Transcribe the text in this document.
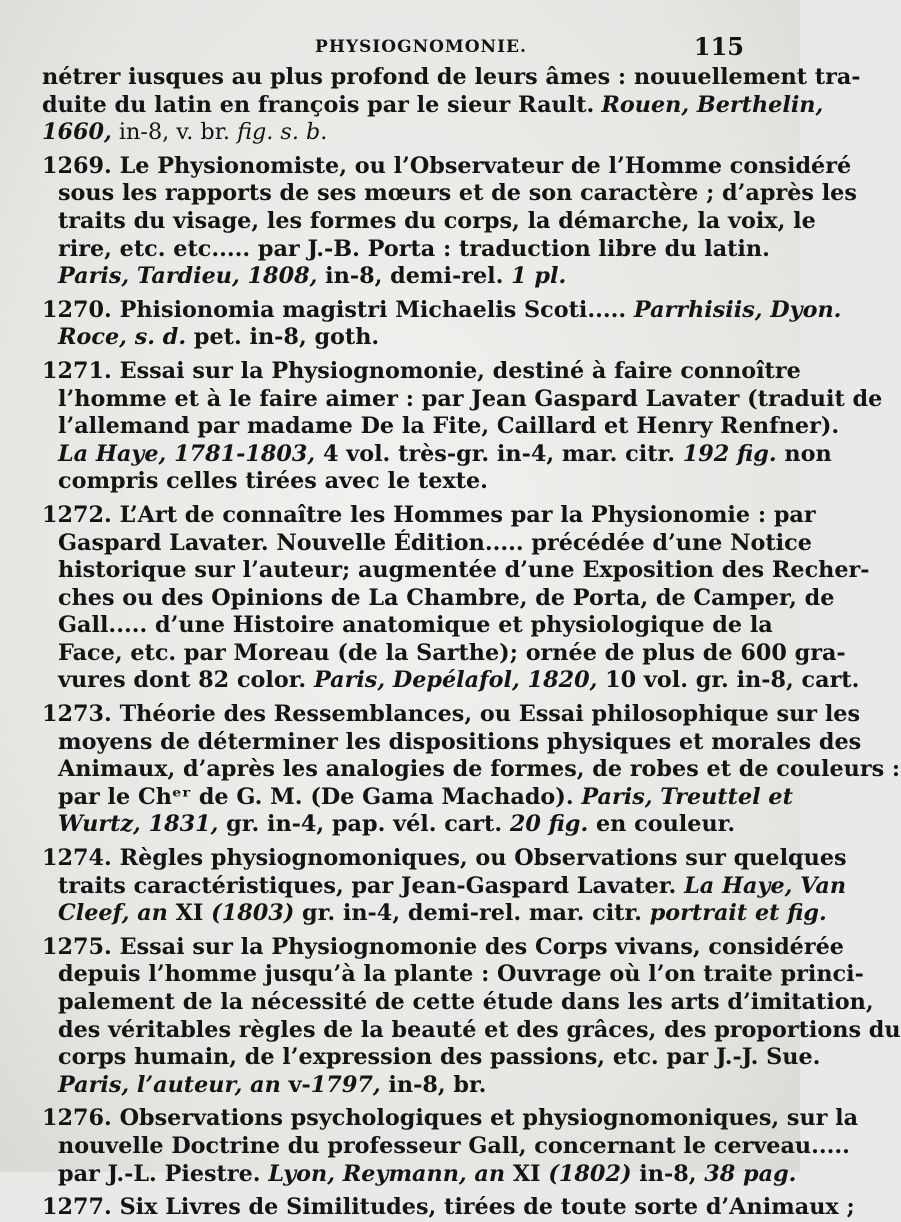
PHYSIOGNOMONIE.	115
nétrer iusques au plus profond de leurs âmes : nouuellement tra-
duite du latin en françois par le sieur Rault. Rouen, Berthelin,
1660, in-8, v. br. fig. s. b.
1269. Le Physionomiste, ou l’Observateur de l’Homme considéré
sous les rapports de ses mœurs et de son caractère ; d’après les
traits du visage, les formes du corps, la démarche, la voix, le
rire, etc. etc..... par J.-B. Porta : traduction libre du latin.
Paris, Tardieu, 1808, in-8, demi-rel. 1 pl.
1270. Phisionomia magistri Michaelis Scoti..... Parrhisiis, Dyon.
Roce, s. d. pet. in-8, goth.
1271. Essai sur la Physiognomonie, destiné à faire connoître
l’homme et à le faire aimer : par Jean Gaspard Lavater (traduit de
l’allemand par madame De la Fite, Caillard et Henry Renfner).
La Haye, 1781-1803, 4 vol. très-gr. in-4, mar. citr. 192 fig. non
compris celles tirées avec le texte.
1272. L’Art de connaître les Hommes par la Physionomie : par
Gaspard Lavater. Nouvelle Édition..... précédée d’une Notice
historique sur l’auteur; augmentée d’une Exposition des Recher-
ches ou des Opinions de La Chambre, de Porta, de Camper, de
Gall..... d’une Histoire anatomique et physiologique de la
Face, etc. par Moreau (de la Sarthe); ornée de plus de 600 gra-
vures dont 82 color. Paris, Depélafol, 1820, 10 vol. gr. in-8, cart.
1273. Théorie des Ressemblances, ou Essai philosophique sur les
moyens de déterminer les dispositions physiques et morales des
Animaux, d’après les analogies de formes, de robes et de couleurs :
par le Chᵉʳ de G. M. (De Gama Machado). Paris, Treuttel et
Wurtz, 1831, gr. in-4, pap. vél. cart. 20 fig. en couleur.
1274. Règles physiognomoniques, ou Observations sur quelques
traits caractéristiques, par Jean-Gaspard Lavater. La Haye, Van
Cleef, an XI (1803) gr. in-4, demi-rel. mar. citr. portrait et fig.
1275. Essai sur la Physiognomonie des Corps vivans, considérée
depuis l’homme jusqu’à la plante : Ouvrage où l’on traite princi-
palement de la nécessité de cette étude dans les arts d’imitation,
des véritables règles de la beauté et des grâces, des proportions du
corps humain, de l’expression des passions, etc. par J.-J. Sue.
Paris, l’auteur, an v-1797, in-8, br.
1276. Observations psychologiques et physiognomoniques, sur la
nouvelle Doctrine du professeur Gall, concernant le cerveau.....
par J.-L. Piestre. Lyon, Reymann, an XI (1802) in-8, 38 pag.
1277. Six Livres de Similitudes, tirées de toute sorte d’Animaux ;
